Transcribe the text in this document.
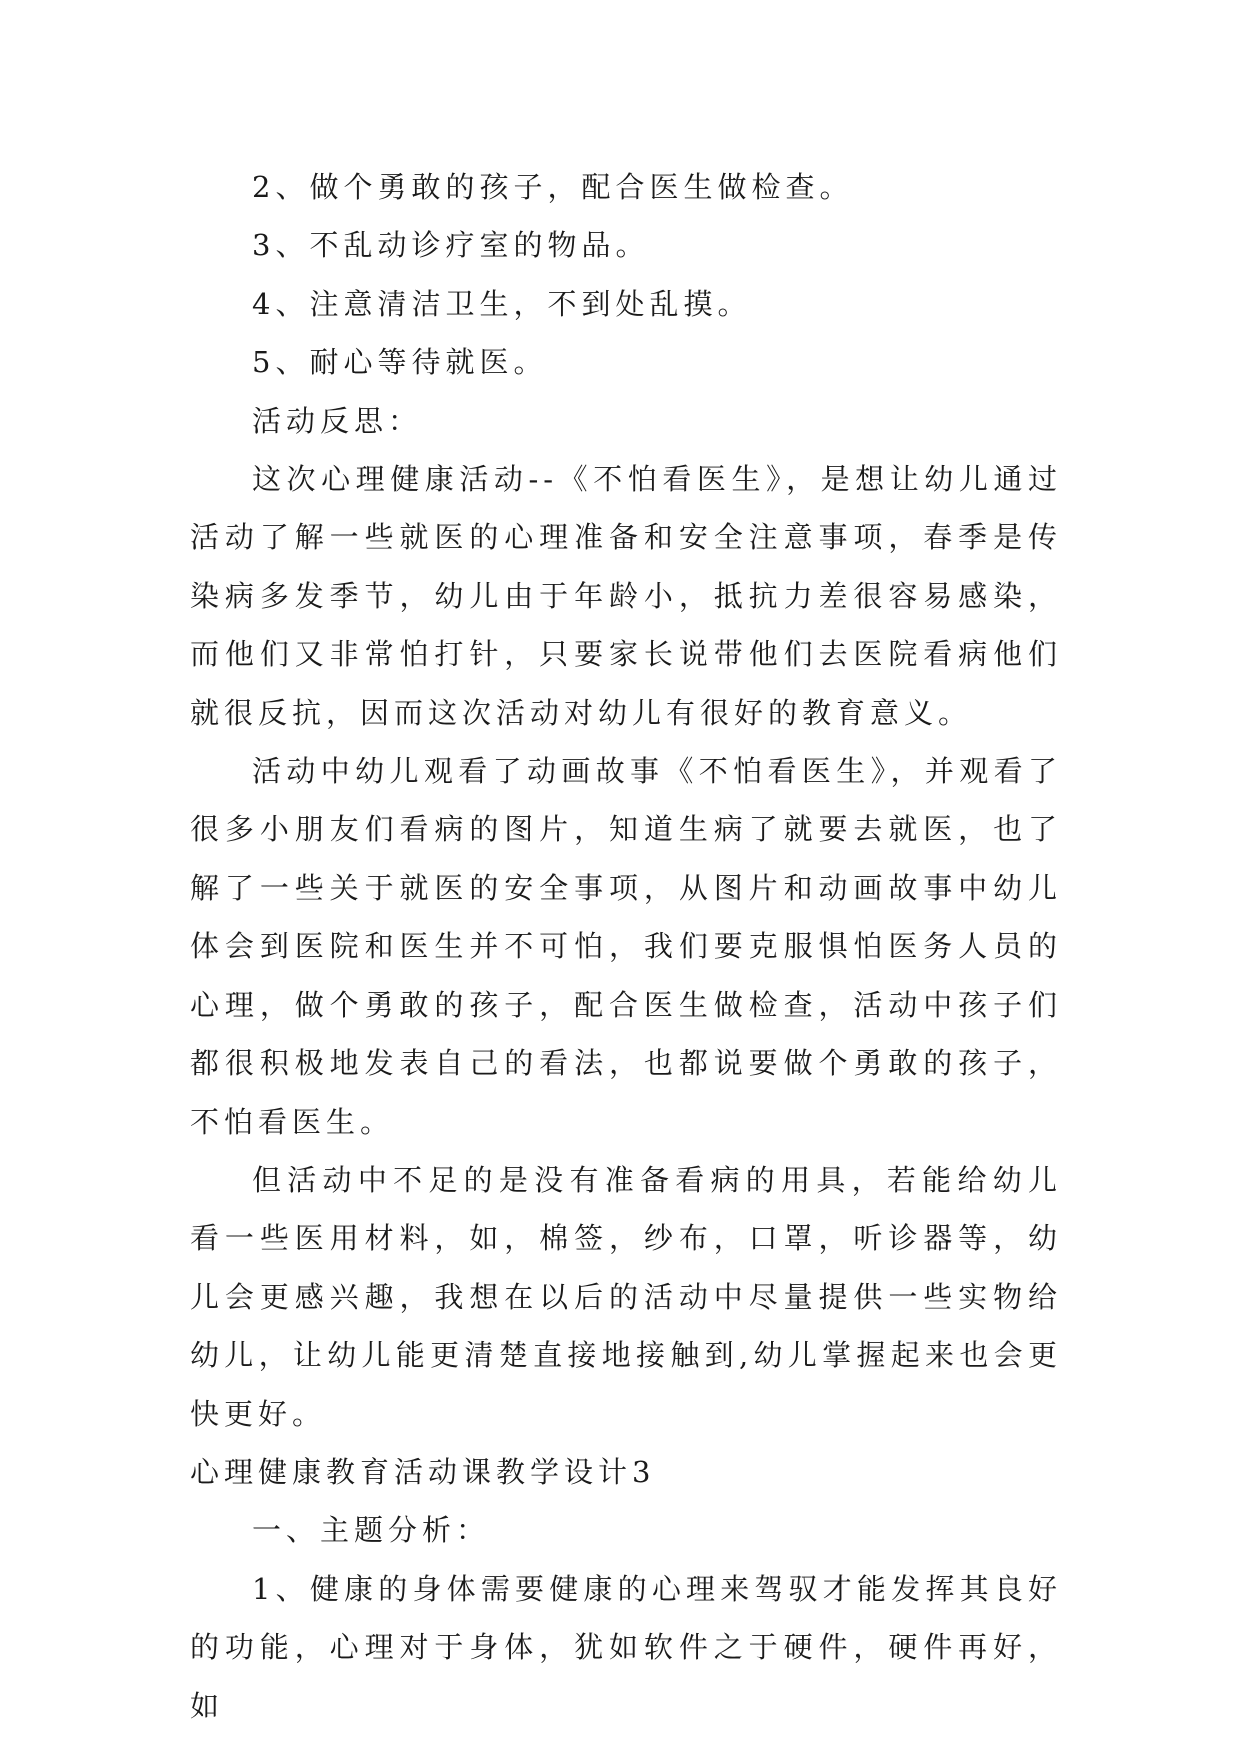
2、做个勇敢的孩子，配合医生做检查。

3、不乱动诊疗室的物品。

4、注意清洁卫生，不到处乱摸。

5、耐心等待就医。

活动反思：

这次心理健康活动--《不怕看医生》，是想让幼儿通过活动了解一些就医的心理准备和安全注意事项，春季是传染病多发季节，幼儿由于年龄小，抵抗力差很容易感染，而他们又非常怕打针，只要家长说带他们去医院看病他们就很反抗，因而这次活动对幼儿有很好的教育意义。

活动中幼儿观看了动画故事《不怕看医生》，并观看了很多小朋友们看病的图片，知道生病了就要去就医，也了解了一些关于就医的安全事项，从图片和动画故事中幼儿体会到医院和医生并不可怕，我们要克服惧怕医务人员的心理，做个勇敢的孩子，配合医生做检查，活动中孩子们都很积极地发表自己的看法，也都说要做个勇敢的孩子，不怕看医生。

但活动中不足的是没有准备看病的用具，若能给幼儿看一些医用材料，如，棉签，纱布，口罩，听诊器等，幼儿会更感兴趣，我想在以后的活动中尽量提供一些实物给幼儿，让幼儿能更清楚直接地接触到,幼儿掌握起来也会更快更好。

心理健康教育活动课教学设计3

一、主题分析：

1、健康的身体需要健康的心理来驾驭才能发挥其良好的功能，心理对于身体，犹如软件之于硬件，硬件再好，如
